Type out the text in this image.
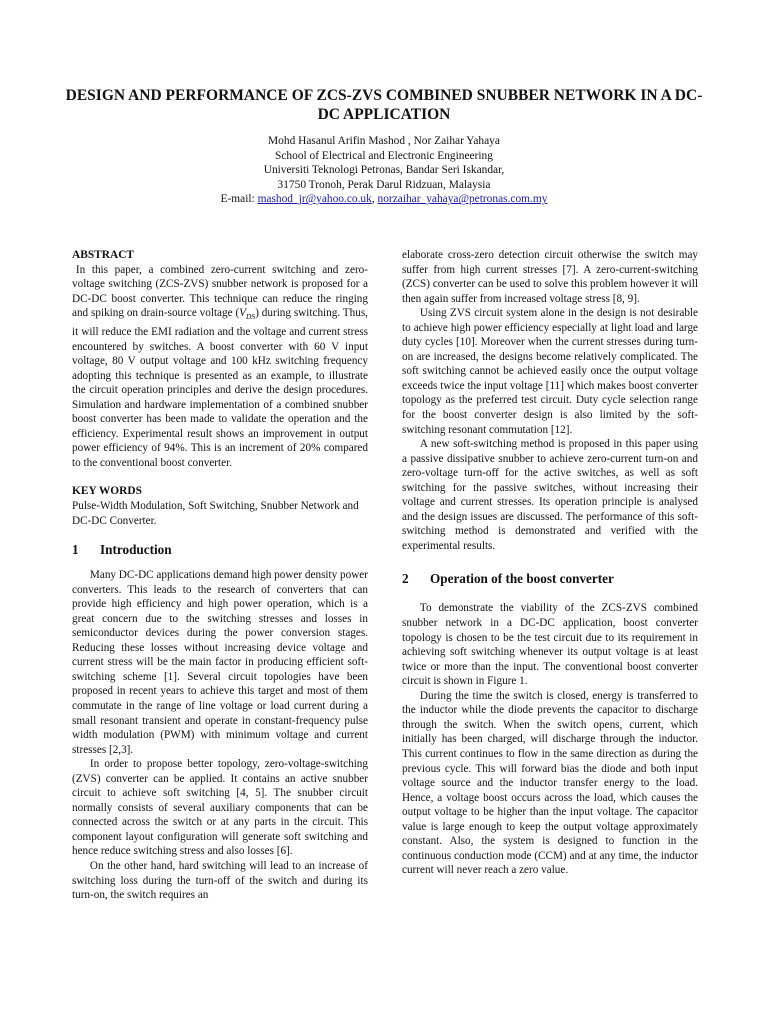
DESIGN AND PERFORMANCE OF ZCS-ZVS COMBINED SNUBBER NETWORK IN A DC-DC APPLICATION
Mohd Hasanul Arifin Mashod , Nor Zaihar Yahaya
School of Electrical and Electronic Engineering
Universiti Teknologi Petronas, Bandar Seri Iskandar,
31750 Tronoh, Perak Darul Ridzuan, Malaysia
E-mail: mashod_jr@yahoo.co.uk, norzaihar_yahaya@petronas.com.my

ABSTRACT

In this paper, a combined zero-current switching and zero-voltage switching (ZCS-ZVS) snubber network is proposed for a DC-DC boost converter. This technique can reduce the ringing and spiking on drain-source voltage $(V_{DS})$ during switching. Thus, it will reduce the EMI radiation and the voltage and current stress encountered by switches. A boost converter with 60 V input voltage, 80 V output voltage and 100 kHz switching frequency adopting this technique is presented as an example, to illustrate the circuit operation principles and derive the design procedures. Simulation and hardware implementation of a combined snubber boost converter has been made to validate the operation and the efficiency. Experimental result shows an improvement in output power efficiency of 94%. This is an increment of 20% compared to the conventional boost converter.

KEY WORDS

Pulse-Width Modulation, Soft Switching, Snubber Network and DC-DC Converter.

1	Introduction

Many DC-DC applications demand high power density power converters. This leads to the research of converters that can provide high efficiency and high power operation, which is a great concern due to the switching stresses and losses in semiconductor devices during the power conversion stages. Reducing these losses without increasing device voltage and current stress will be the main factor in producing efficient soft-switching scheme [1]. Several circuit topologies have been proposed in recent years to achieve this target and most of them commutate in the range of line voltage or load current during a small resonant transient and operate in constant-frequency pulse width modulation (PWM) with minimum voltage and current stresses [2,3].

In order to propose better topology, zero-voltage-switching (ZVS) converter can be applied. It contains an active snubber circuit to achieve soft switching [4, 5]. The snubber circuit normally consists of several auxiliary components that can be connected across the switch or at any parts in the circuit. This component layout configuration will generate soft switching and hence reduce switching stress and also losses [6].

On the other hand, hard switching will lead to an increase of switching loss during the turn-off of the switch and during its turn-on, the switch requires an

elaborate cross-zero detection circuit otherwise the switch may suffer from high current stresses [7]. A zero-current-switching (ZCS) converter can be used to solve this problem however it will then again suffer from increased voltage stress [8, 9].

Using ZVS circuit system alone in the design is not desirable to achieve high power efficiency especially at light load and large duty cycles [10]. Moreover when the current stresses during turn-on are increased, the designs become relatively complicated. The soft switching cannot be achieved easily once the output voltage exceeds twice the input voltage [11] which makes boost converter topology as the preferred test circuit. Duty cycle selection range for the boost converter design is also limited by the soft-switching resonant commutation [12].

A new soft-switching method is proposed in this paper using a passive dissipative snubber to achieve zero-current turn-on and zero-voltage turn-off for the active switches, as well as soft switching for the passive switches, without increasing their voltage and current stresses. Its operation principle is analysed and the design issues are discussed. The performance of this soft-switching method is demonstrated and verified with the experimental results.

2	Operation of the boost converter

To demonstrate the viability of the ZCS-ZVS combined snubber network in a DC-DC application, boost converter topology is chosen to be the test circuit due to its requirement in achieving soft switching whenever its output voltage is at least twice or more than the input. The conventional boost converter circuit is shown in Figure 1.

During the time the switch is closed, energy is transferred to the inductor while the diode prevents the capacitor to discharge through the switch. When the switch opens, current, which initially has been charged, will discharge through the inductor. This current continues to flow in the same direction as during the previous cycle. This will forward bias the diode and both input voltage source and the inductor transfer energy to the load. Hence, a voltage boost occurs across the load, which causes the output voltage to be higher than the input voltage. The capacitor value is large enough to keep the output voltage approximately constant. Also, the system is designed to function in the continuous conduction mode (CCM) and at any time, the inductor current will never reach a zero value.
